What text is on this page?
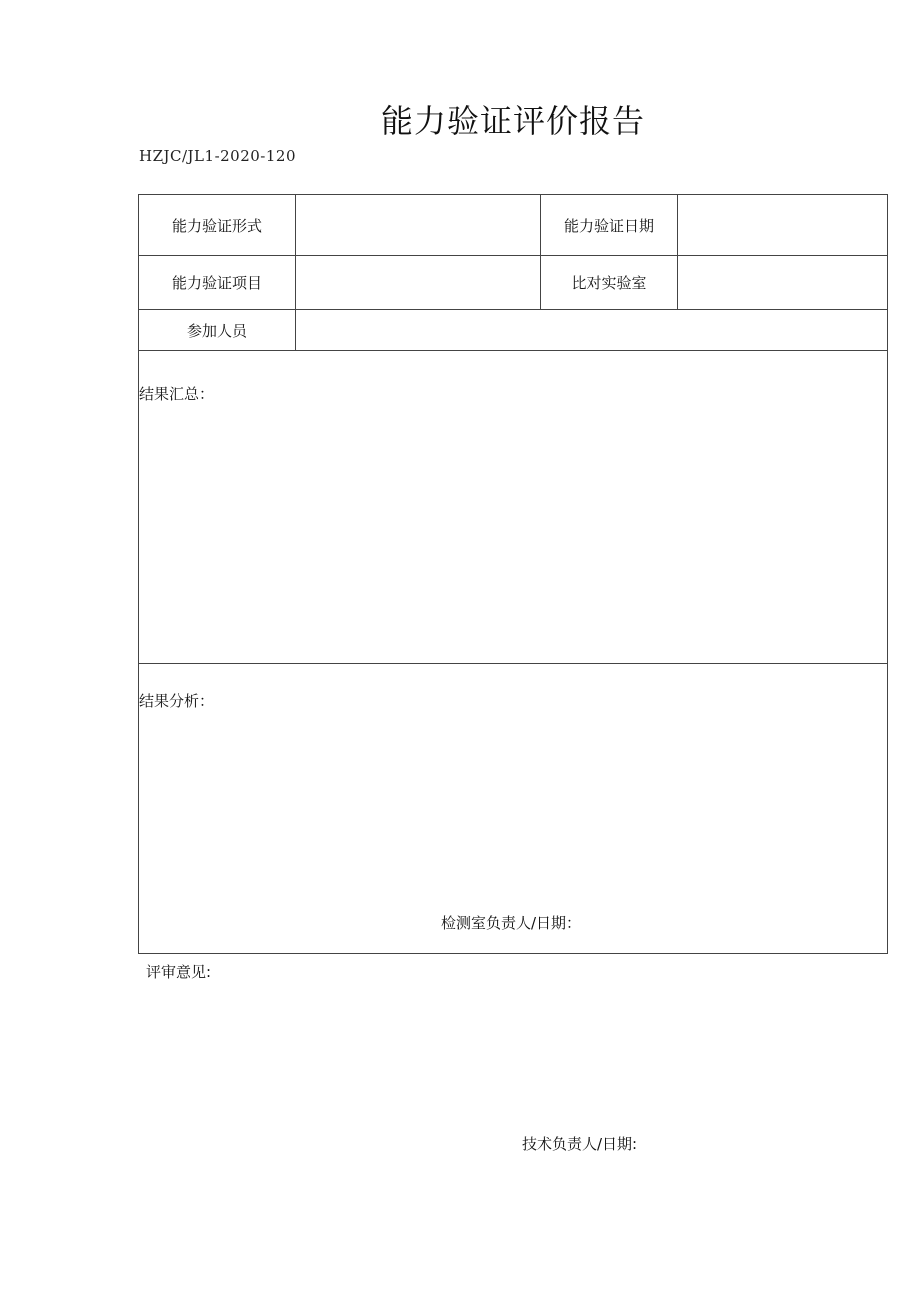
能力验证评价报告
HZJC/JL1-2020-120
能力验证形式	能力验证日期
能力验证项目	比对实验室
参加人员
结果汇总：
结果分析：
检测室负责人/日期：
评审意见:
技术负责人/日期:
